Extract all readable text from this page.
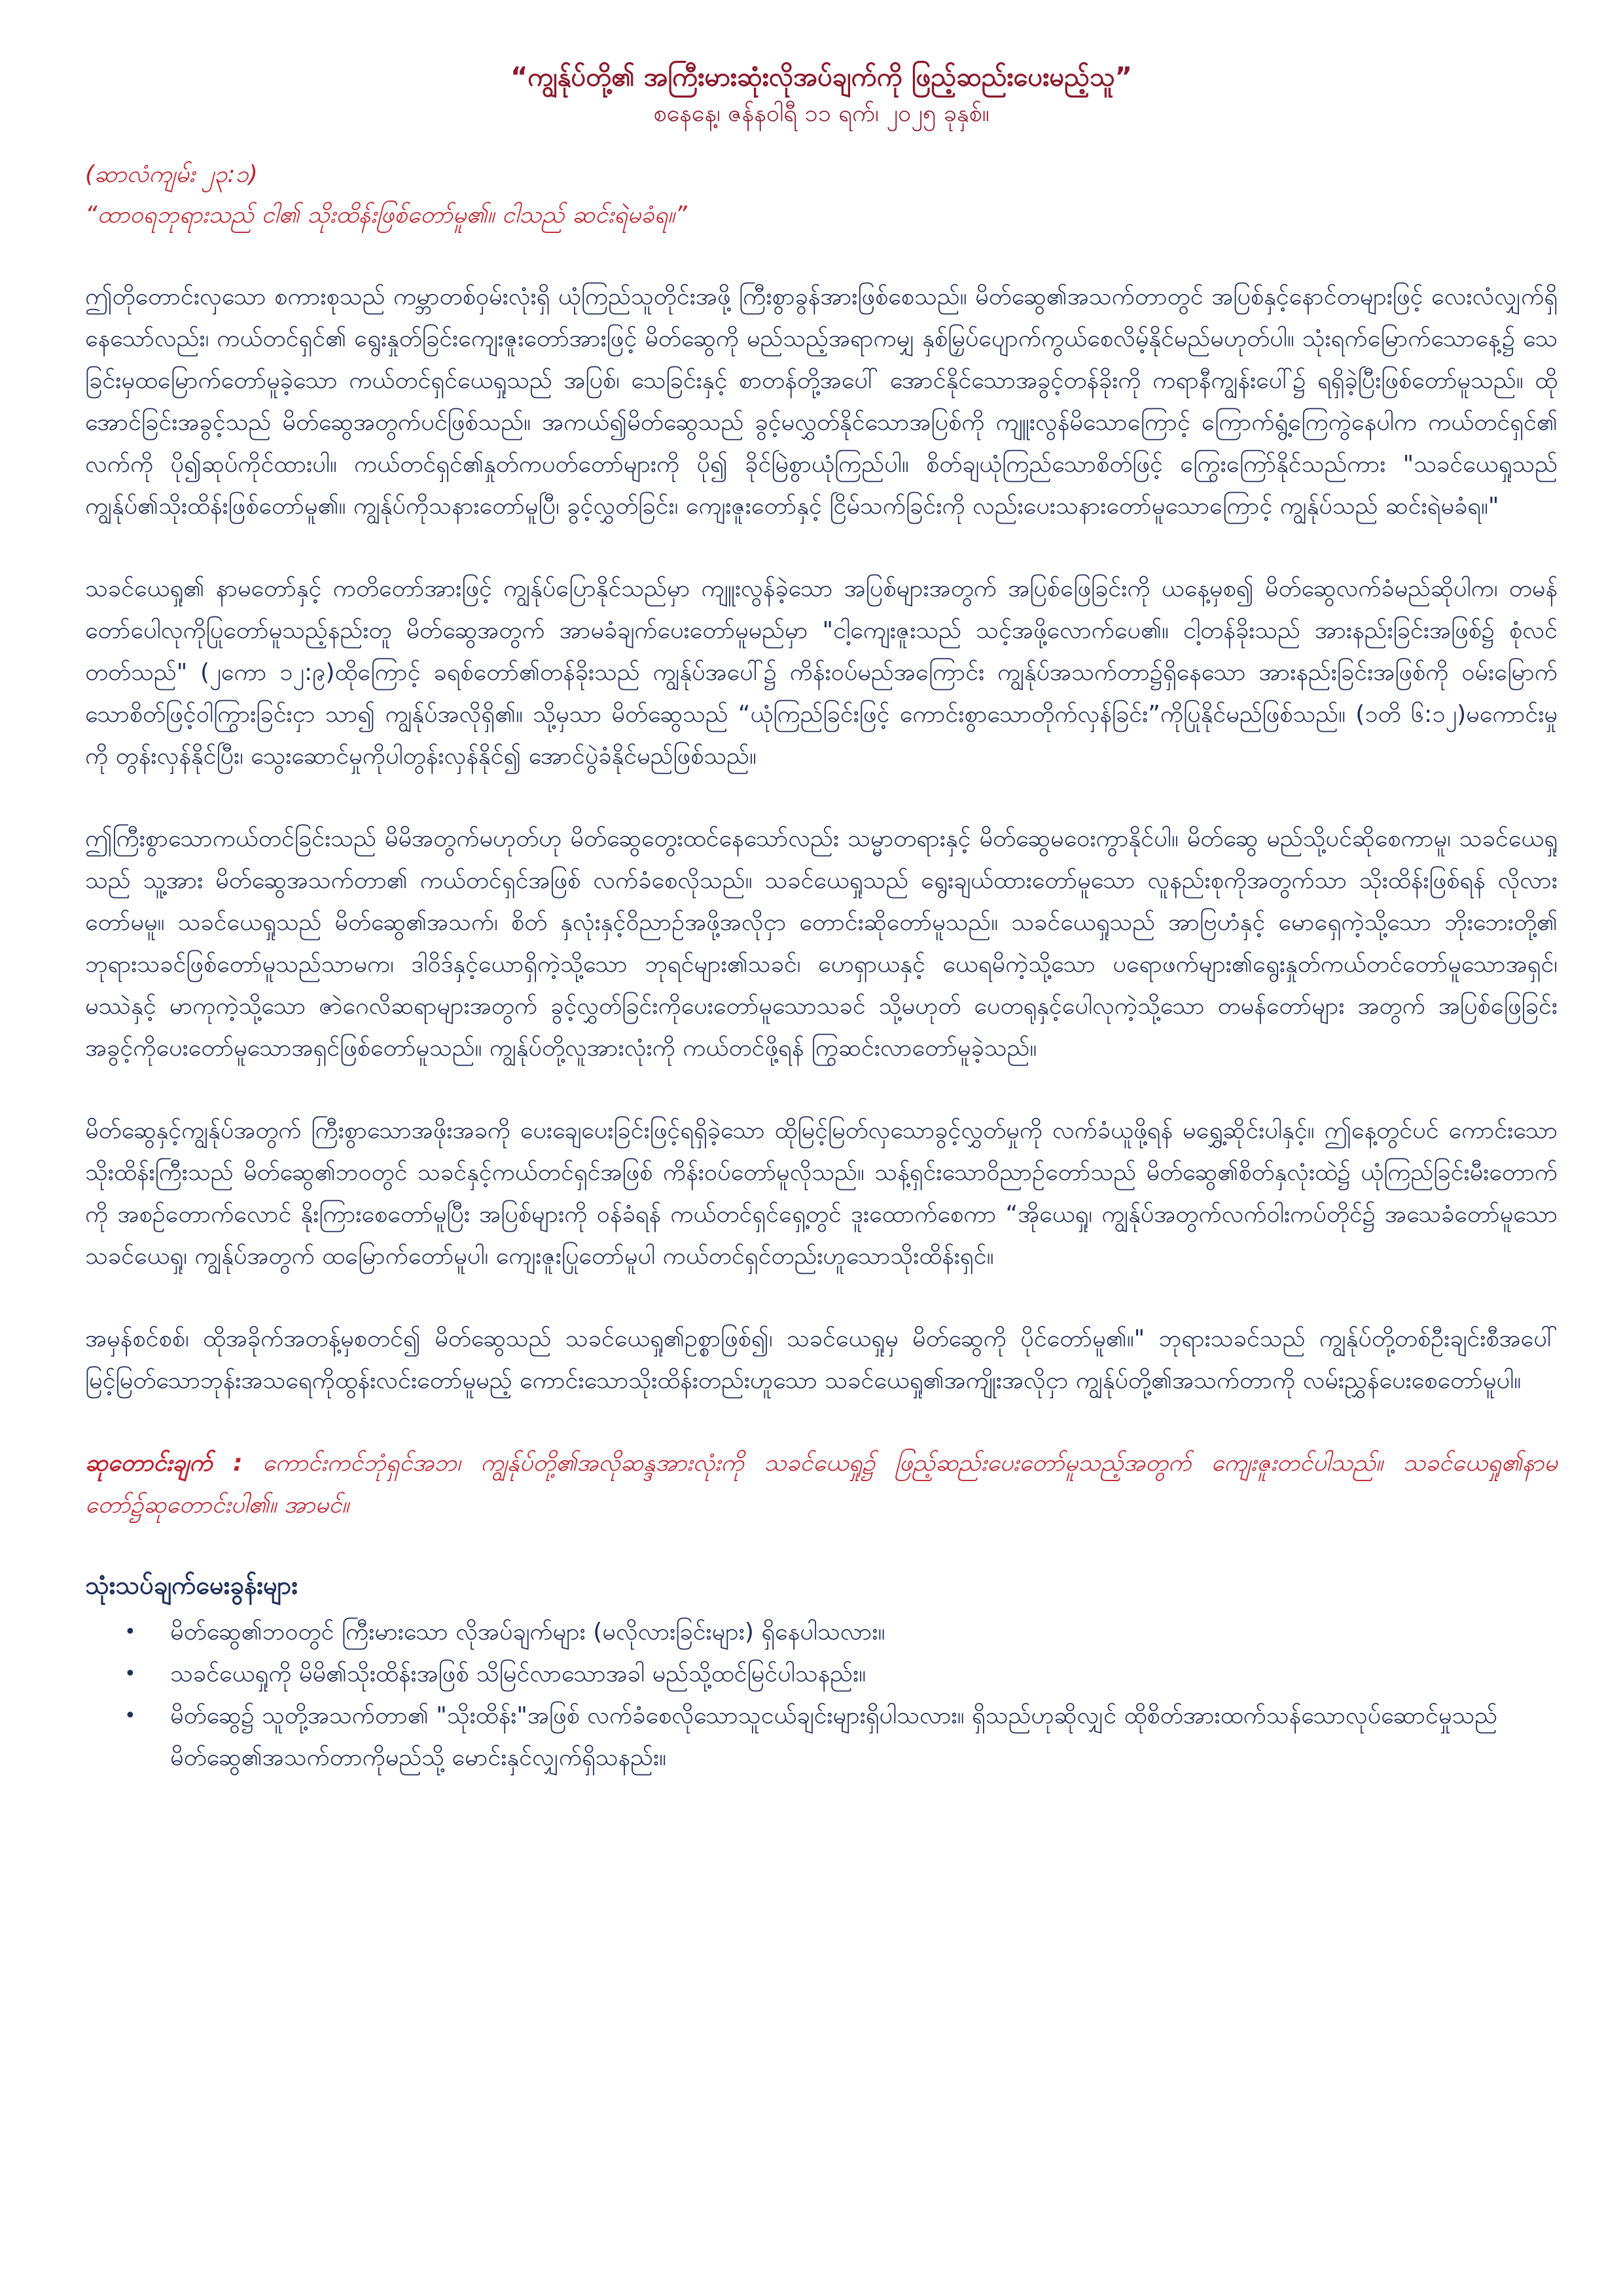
“ကျွန်ုပ်တို့၏ အကြီးမားဆုံးလိုအပ်ချက်ကို ဖြည့်ဆည်းပေးမည့်သူ”

စနေနေ့၊ ဇန်နဝါရီ ၁၁ ရက်၊ ၂၀၂၅ ခုနှစ်။

(ဆာလံကျမ်း ၂၃:၁)

“ထာဝရဘုရားသည် ငါ၏ သိုးထိန်းဖြစ်တော်မူ၏။ ငါသည် ဆင်းရဲမခံရ။”

ဤတိုတောင်းလှသော စကားစုသည် ကမ္ဘာတစ်ဝှမ်းလုံးရှိ ယုံကြည်သူတိုင်းအဖို့ ကြီးစွာခွန်အားဖြစ်စေသည်။ မိတ်ဆွေ၏အသက်တာတွင် အပြစ်နှင့်နောင်တများဖြင့် လေးလံလျှက်ရှိနေသော်လည်း၊ ကယ်တင်ရှင်၏ ရွေးနှုတ်ခြင်းကျေးဇူးတော်အားဖြင့် မိတ်ဆွေကို မည်သည့်အရာကမျှ နှစ်မြှပ်ပျောက်ကွယ်စေလိမ့်နိုင်မည်မဟုတ်ပါ။ သုံးရက်မြောက်သောနေ့၌ သေခြင်းမှထမြောက်တော်မူခဲ့သော ကယ်တင်ရှင်ယေရှုသည် အပြစ်၊ သေခြင်းနှင့် စာတန်တို့အပေါ် အောင်နိုင်သောအခွင့်တန်ခိုးကို ကရာနီကျွန်းပေါ်၌ ရရှိခဲ့ပြီးဖြစ်တော်မူသည်။ ထိုအောင်ခြင်းအခွင့်သည် မိတ်ဆွေအတွက်ပင်ဖြစ်သည်။ အကယ်၍မိတ်ဆွေသည် ခွင့်မလွှတ်နိုင်သောအပြစ်ကို ကျူးလွန်မိသောကြောင့် ကြောက်ရွံ့ကြေကွဲနေပါက ကယ်တင်ရှင်၏ လက်ကို ပို၍ဆုပ်ကိုင်ထားပါ။ ကယ်တင်ရှင်၏နှုတ်ကပတ်တော်များကို ပို၍ ခိုင်မြဲစွာယုံကြည်ပါ။ စိတ်ချယုံကြည်သောစိတ်ဖြင့် ကြွေးကြော်နိုင်သည်ကား "သခင်ယေရှုသည် ကျွန်ုပ်၏သိုးထိန်းဖြစ်တော်မူ၏။ ကျွန်ုပ်ကိုသနားတော်မူပြီ၊ ခွင့်လွှတ်ခြင်း၊ ကျေးဇူးတော်နှင့် ငြိမ်သက်ခြင်းကို လည်းပေးသနားတော်မူသောကြောင့် ကျွန်ုပ်သည် ဆင်းရဲမခံရ။"

သခင်ယေရှု၏ နာမတော်နှင့် ကတိတော်အားဖြင့် ကျွန်ုပ်ပြောနိုင်သည်မှာ ကျူးလွန်ခဲ့သော အပြစ်များအတွက် အပြစ်ဖြေခြင်းကို ယနေ့မှစ၍ မိတ်ဆွေလက်ခံမည်ဆိုပါက၊ တမန်တော်ပေါလုကိုပြုတော်မူသည့်နည်းတူ မိတ်ဆွေအတွက် အာမခံချက်ပေးတော်မူမည်မှာ "ငါ့ကျေးဇူးသည် သင့်အဖို့လောက်ပေ၏။ ငါ့တန်ခိုးသည် အားနည်းခြင်းအဖြစ်၌ စုံလင်တတ်သည်" (၂ကော ၁၂:၉)ထိုကြောင့် ခရစ်တော်၏တန်ခိုးသည် ကျွန်ုပ်အပေါ်၌ ကိန်းဝပ်မည်အကြောင်း ကျွန်ုပ်အသက်တာ၌ရှိနေသော အားနည်းခြင်းအဖြစ်ကို ဝမ်းမြောက်သောစိတ်ဖြင့်ဝါကြွားခြင်းငှာ သာ၍ ကျွန်ုပ်အလိုရှိ၏။ သို့မှသာ မိတ်ဆွေသည် “ယုံကြည်ခြင်းဖြင့် ကောင်းစွာသောတိုက်လှန်ခြင်း”ကိုပြုနိုင်မည်ဖြစ်သည်။ (၁တိ ၆:၁၂)မကောင်းမှုကို တွန်းလှန်နိုင်ပြီး၊ သွေးဆောင်မှုကိုပါတွန်းလှန်နိုင်၍ အောင်ပွဲခံနိုင်မည်ဖြစ်သည်။

ဤကြီးစွာသောကယ်တင်ခြင်းသည် မိမိအတွက်မဟုတ်ဟု မိတ်ဆွေတွေးထင်နေသော်လည်း သမ္မာတရားနှင့် မိတ်ဆွေမဝေးကွာနိုင်ပါ။ မိတ်ဆွေ မည်သို့ပင်ဆိုစေကာမူ၊ သခင်ယေရှုသည် သူ့အား မိတ်ဆွေအသက်တာ၏ ကယ်တင်ရှင်အဖြစ် လက်ခံစေလိုသည်။ သခင်ယေရှုသည် ရွေးချယ်ထားတော်မူသော လူနည်းစုကိုအတွက်သာ သိုးထိန်းဖြစ်ရန် လိုလားတော်မမူ။ သခင်ယေရှုသည် မိတ်ဆွေ၏အသက်၊ စိတ် နှလုံးနှင့်ဝိညာဉ်အဖို့အလိုငှာ တောင်းဆိုတော်မူသည်။ သခင်ယေရှုသည် အာဗြဟံနှင့် မောရှေကဲ့သို့သော ဘိုးဘေးတို့၏ ဘုရားသခင်ဖြစ်တော်မူသည်သာမက၊ ဒါဝိဒ်နှင့်ယောရှိကဲ့သို့သော ဘုရင်များ၏သခင်၊ ဟေရှာယနှင့် ယေရမိကဲ့သို့သော ပရောဖက်များ၏ရွေးနှုတ်ကယ်တင်တော်မူသောအရှင်၊ မဿဲနှင့် မာကုကဲ့သို့သော ဇာဲဂေလိဆရာများအတွက် ခွင့်လွှတ်ခြင်းကိုပေးတော်မူသောသခင် သို့မဟုတ် ပေတရုနှင့်ပေါလုကဲ့သို့သော တမန်တော်များ အတွက် အပြစ်ဖြေခြင်းအခွင့်ကိုပေးတော်မူသောအရှင်ဖြစ်တော်မူသည်။ ကျွန်ုပ်တို့လူအားလုံးကို ကယ်တင်ဖို့ရန် ကြွဆင်းလာတော်မူခဲ့သည်။

မိတ်ဆွေနှင့်ကျွန်ုပ်အတွက် ကြီးစွာသောအဖိုးအခကို ပေးချေပေးခြင်းဖြင့်ရရှိခဲ့သော ထိုမြင့်မြတ်လှသောခွင့်လွှတ်မှုကို လက်ခံယူဖို့ရန် မရွှေ့ဆိုင်းပါနှင့်။ ဤနေ့တွင်ပင် ကောင်းသောသိုးထိန်းကြီးသည် မိတ်ဆွေ၏ဘဝတွင် သခင်နှင့်ကယ်တင်ရှင်အဖြစ် ကိန်းဝပ်တော်မူလိုသည်။ သန့်ရှင်းသောဝိညာဉ်တော်သည် မိတ်ဆွေ၏စိတ်နှလုံးထဲ၌ ယုံကြည်ခြင်းမီးတောက်ကို အစဉ်တောက်လောင် နိုးကြားစေတော်မူပြီး အပြစ်များကို ဝန်ခံရန် ကယ်တင်ရှင်ရှေ့တွင် ဒူးထောက်စေကာ “အိုယေရှု၊ ကျွန်ုပ်အတွက်လက်ဝါးကပ်တိုင်၌ အသေခံတော်မူသော သခင်ယေရှု၊ ကျွန်ုပ်အတွက် ထမြောက်တော်မူပါ၊ ကျေးဇူးပြုတော်မူပါ ကယ်တင်ရှင်တည်းဟူသောသိုးထိန်းရှင်။

အမှန်စင်စစ်၊ ထိုအခိုက်အတန့်မှစတင်၍ မိတ်ဆွေသည် သခင်ယေရှု၏ဥစ္စာဖြစ်၍၊ သခင်ယေရှုမှ မိတ်ဆွေကို ပိုင်တော်မူ၏။" ဘုရားသခင်သည် ကျွန်ုပ်တို့တစ်ဦးချင်းစီအပေါ် မြင့်မြတ်သောဘုန်းအသရေကိုထွန်းလင်းတော်မူမည့် ကောင်းသောသိုးထိန်းတည်းဟူသော သခင်ယေရှု၏အကျိုးအလိုငှာ ကျွန်ုပ်တို့၏အသက်တာကို လမ်းညွှန်ပေးစေတော်မူပါ။

ဆုတောင်းချက် : ကောင်းကင်ဘုံရှင်အဘ၊ ကျွန်ုပ်တို့၏အလိုဆန္ဒအားလုံးကို သခင်ယေရှု၌ ဖြည့်ဆည်းပေးတော်မူသည့်အတွက် ကျေးဇူးတင်ပါသည်။ သခင်ယေရှု၏နာမတော်၌ဆုတောင်းပါ၏။ အာမင်။

သုံးသပ်ချက်မေးခွန်းများ
• မိတ်ဆွေ၏ဘဝတွင် ကြီးမားသော လိုအပ်ချက်များ (မလိုလားခြင်းများ) ရှိနေပါသလား။
• သခင်ယေရှုကို မိမိ၏သိုးထိန်းအဖြစ် သိမြင်လာသောအခါ မည်သို့ထင်မြင်ပါသနည်း။
• မိတ်ဆွေ၌ သူတို့အသက်တာ၏ "သိုးထိန်း"အဖြစ် လက်ခံစေလိုသောသူငယ်ချင်းများရှိပါသလား။ ရှိသည်ဟုဆိုလျှင် ထိုစိတ်အားထက်သန်သောလုပ်ဆောင်မှုသည် မိတ်ဆွေ၏အသက်တာကိုမည်သို့ မောင်းနှင်လျှက်ရှိသနည်း။
